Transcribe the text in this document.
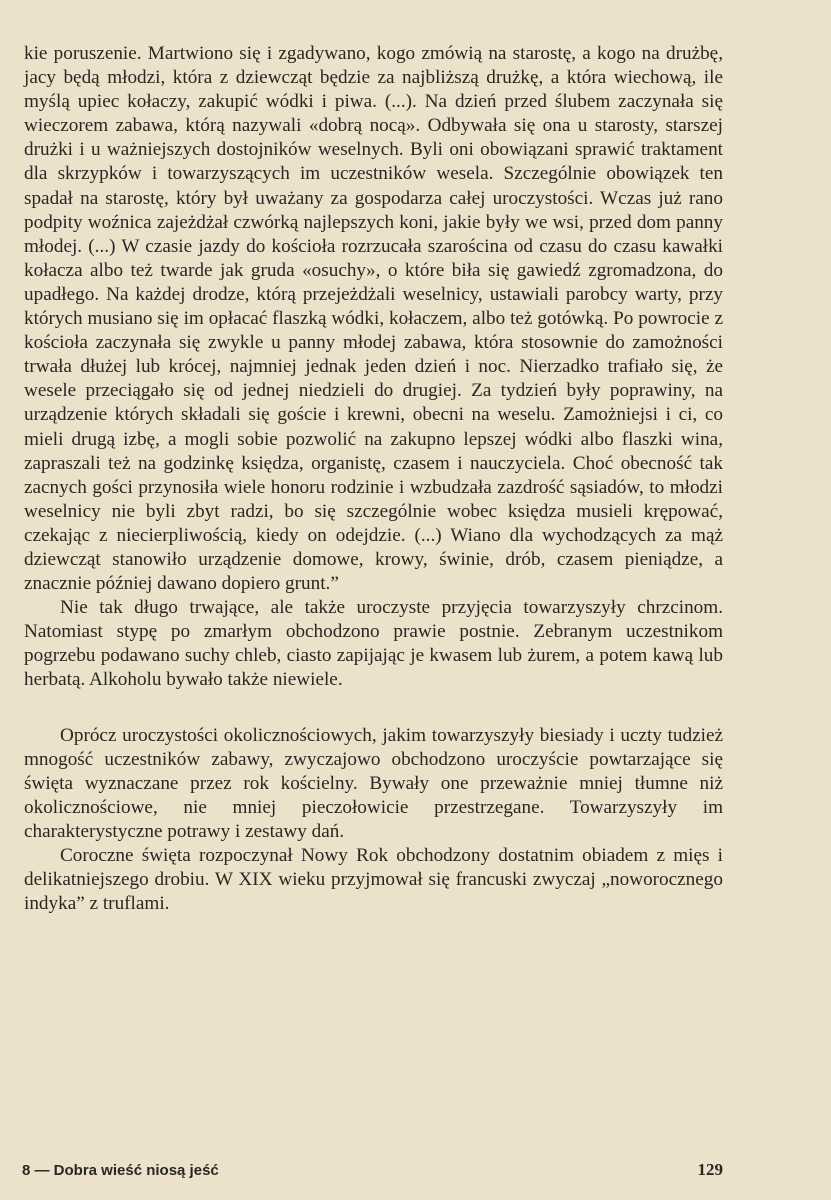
kie poruszenie. Martwiono się i zgadywano, kogo zmówią na starostę, a kogo na drużbę, jacy będą młodzi, która z dziewcząt będzie za najbliższą drużkę, a która wiechową, ile myślą upiec kołaczy, zakupić wódki i piwa. (...). Na dzień przed ślubem zaczynała się wieczorem zabawa, którą nazywali «dobrą nocą». Odbywała się ona u starosty, starszej drużki i u ważniejszych dostojników weselnych. Byli oni obowiązani sprawić traktament dla skrzypków i towarzyszących im uczestników wesela. Szczególnie obowiązek ten spadał na starostę, który był uważany za gospodarza całej uroczystości. Wczas już rano podpity woźnica zajeżdżał czwórką najlepszych koni, jakie były we wsi, przed dom panny młodej. (...) W czasie jazdy do kościoła rozrzucała szarościna od czasu do czasu kawałki kołacza albo też twarde jak gruda «osuchy», o które biła się gawiedź zgromadzona, do upadłego. Na każdej drodze, którą przejeżdżali weselnicy, ustawiali parobcy warty, przy których musiano się im opłacać flaszką wódki, kołaczem, albo też gotówką. Po powrocie z kościoła zaczynała się zwykle u panny młodej zabawa, która stosownie do zamożności trwała dłużej lub krócej, najmniej jednak jeden dzień i noc. Nierzadko trafiało się, że wesele przeciągało się od jednej niedzieli do drugiej. Za tydzień były poprawiny, na urządzenie których składali się goście i krewni, obecni na weselu. Zamożniejsi i ci, co mieli drugą izbę, a mogli sobie pozwolić na zakupno lepszej wódki albo flaszki wina, zapraszali też na godzinkę księdza, organistę, czasem i nauczyciela. Choć obecność tak zacnych gości przynosiła wiele honoru rodzinie i wzbudzała zazdrość sąsiadów, to młodzi weselnicy nie byli zbyt radzi, bo się szczególnie wobec księdza musieli krępować, czekając z niecierpliwością, kiedy on odejdzie. (...) Wiano dla wychodzących za mąż dziewcząt stanowiło urządzenie domowe, krowy, świnie, drób, czasem pieniądze, a znacznie później dawano dopiero grunt.”

Nie tak długo trwające, ale także uroczyste przyjęcia towarzyszyły chrzcinom. Natomiast stypę po zmarłym obchodzono prawie postnie. Zebranym uczestnikom pogrzebu podawano suchy chleb, ciasto zapijając je kwasem lub żurem, a potem kawą lub herbatą. Alkoholu bywało także niewiele.

Oprócz uroczystości okolicznościowych, jakim towarzyszyły biesiady i uczty tudzież mnogość uczestników zabawy, zwyczajowo obchodzono uroczyście powtarzające się święta wyznaczane przez rok kościelny. Bywały one przeważnie mniej tłumne niż okolicznościowe, nie mniej pieczołowicie przestrzegane. Towarzyszyły im charakterystyczne potrawy i zestawy dań.

Coroczne święta rozpoczynał Nowy Rok obchodzony dostatnim obiadem z mięs i delikatniejszego drobiu. W XIX wieku przyjmował się francuski zwyczaj „noworocznego indyka” z truflami.

8 — Dobra wieść niosą jeść	129
